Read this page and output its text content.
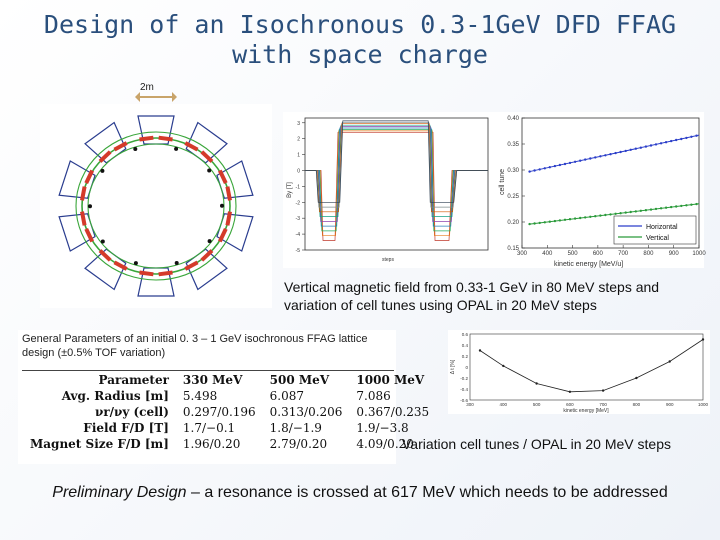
Design of an Isochronous 0.3-1GeV DFD FFAG with space charge
2m
-5
-4
-3
-2
-1
0
1
2
3
By [T]
steps
0.15
0.20
0.25
0.30
0.35
0.40
300	400	500	600	700	800	900 1000
cell tune
kinetic energy [MeV/u]
Horizontal
Vertical
Vertical magnetic field from 0.33-1 GeV in 80 MeV steps and variation of cell tunes using OPAL in 20 MeV steps
General Parameters of an initial 0. 3 – 1 GeV isochronous FFAG lattice design (±0.5% TOF variation)
Parameter	330 MeV	500 MeV	1000 MeV
Avg. Radius [m]	5.498	6.087	7.086
νr/νy (cell)	0.297/0.196	0.313/0.206	0.367/0.235
Field F/D [T]	1.7/−0.1	1.8/−1.9	1.9/−3.8
Magnet Size F/D [m]	1.96/0.20	2.79/0.20	4.09/0.20
-0.6
-0.4
-0.2
0
0.2
0.4
0.6
300	400	500	600	700	800	900	1000
Δ t [%]
kinetic energy [MeV]
Variation cell tunes / OPAL in 20 MeV steps
Preliminary Design – a resonance is crossed at 617 MeV which needs to be addressed
